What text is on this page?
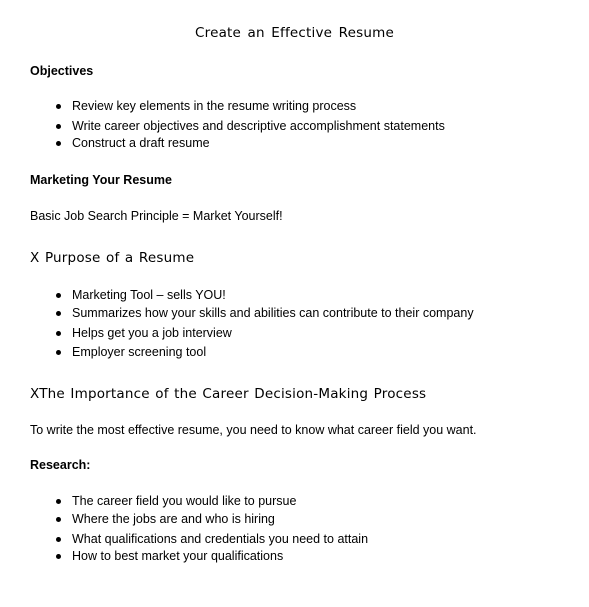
Create an Effective Resume
Objectives
Review key elements in the resume writing process
Write career objectives and descriptive accomplishment statements
Construct a draft resume
Marketing Your Resume
Basic Job Search Principle = Market Yourself!
X Purpose of a Resume
Marketing Tool – sells YOU!
Summarizes how your skills and abilities can contribute to their company
Helps get you a job interview
Employer screening tool
XThe Importance of the Career Decision-Making Process
To write the most effective resume, you need to know what career field you want.
Research:
The career field you would like to pursue
Where the jobs are and who is hiring
What qualifications and credentials you need to attain
How to best market your qualifications
